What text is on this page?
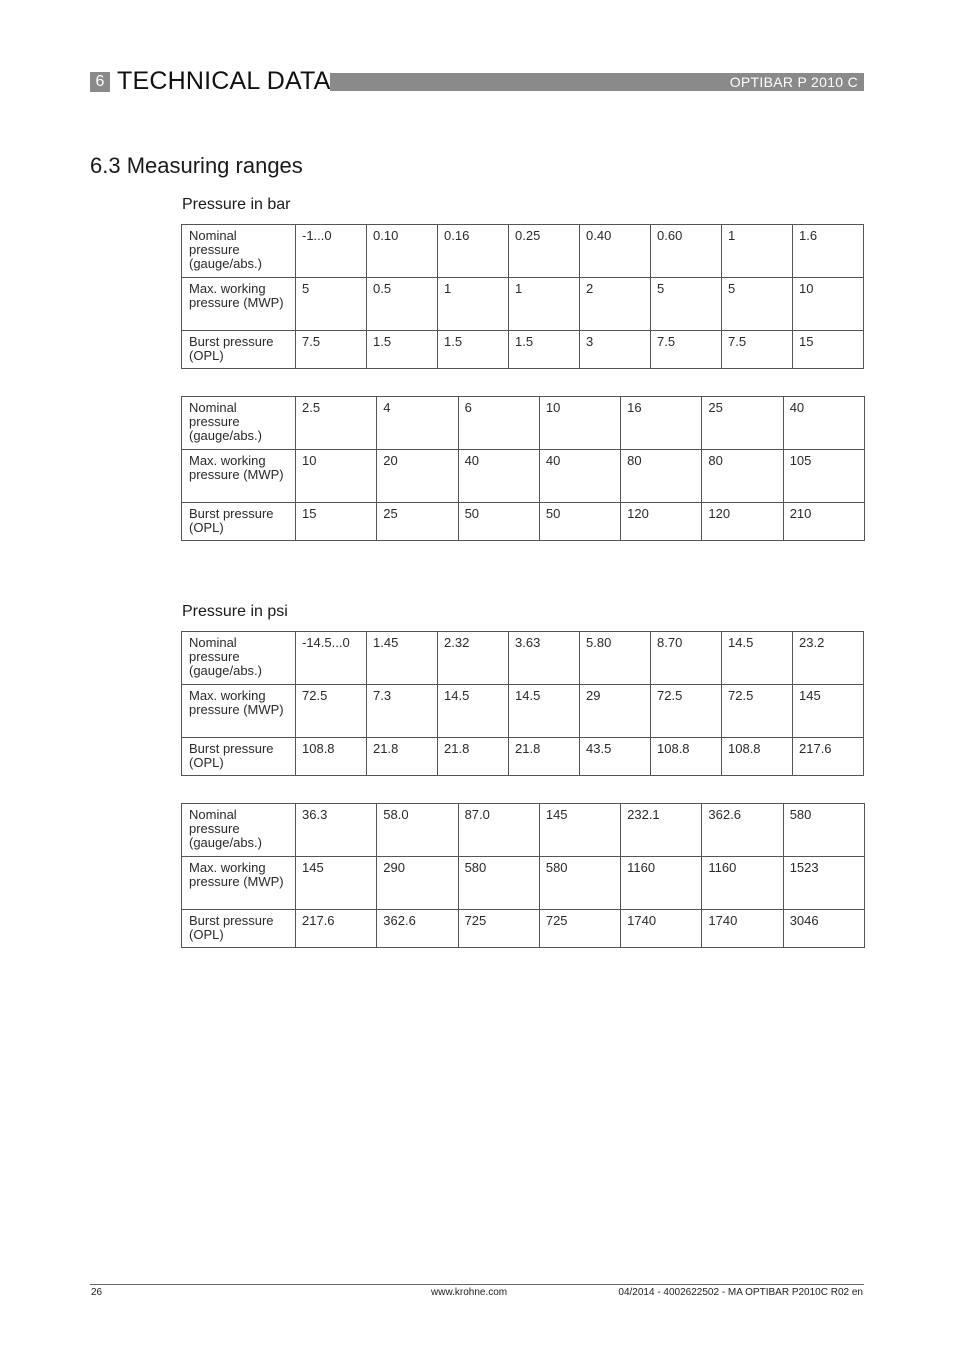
6 TECHNICAL DATA	OPTIBAR P 2010 C
6.3 Measuring ranges
Pressure in bar
Nominal pressure (gauge/abs.)	-1...0	0.10	0.16	0.25	0.40	0.60	1	1.6
Max. working pressure (MWP)	5	0.5	1	1	2	5	5	10
Burst pressure (OPL)	7.5	1.5	1.5	1.5	3	7.5	7.5	15
Nominal pressure (gauge/abs.)	2.5	4	6	10	16	25	40
Max. working pressure (MWP)	10	20	40	40	80	80	105
Burst pressure (OPL)	15	25	50	50	120	120	210
Pressure in psi
Nominal pressure (gauge/abs.)	-14.5...0	1.45	2.32	3.63	5.80	8.70	14.5	23.2
Max. working pressure (MWP)	72.5	7.3	14.5	14.5	29	72.5	72.5	145
Burst pressure (OPL)	108.8	21.8	21.8	21.8	43.5	108.8	108.8	217.6
Nominal pressure (gauge/abs.)	36.3	58.0	87.0	145	232.1	362.6	580
Max. working pressure (MWP)	145	290	580	580	1160	1160	1523
Burst pressure (OPL)	217.6	362.6	725	725	1740	1740	3046
26	www.krohne.com	04/2014 - 4002622502 - MA OPTIBAR P2010C R02 en
